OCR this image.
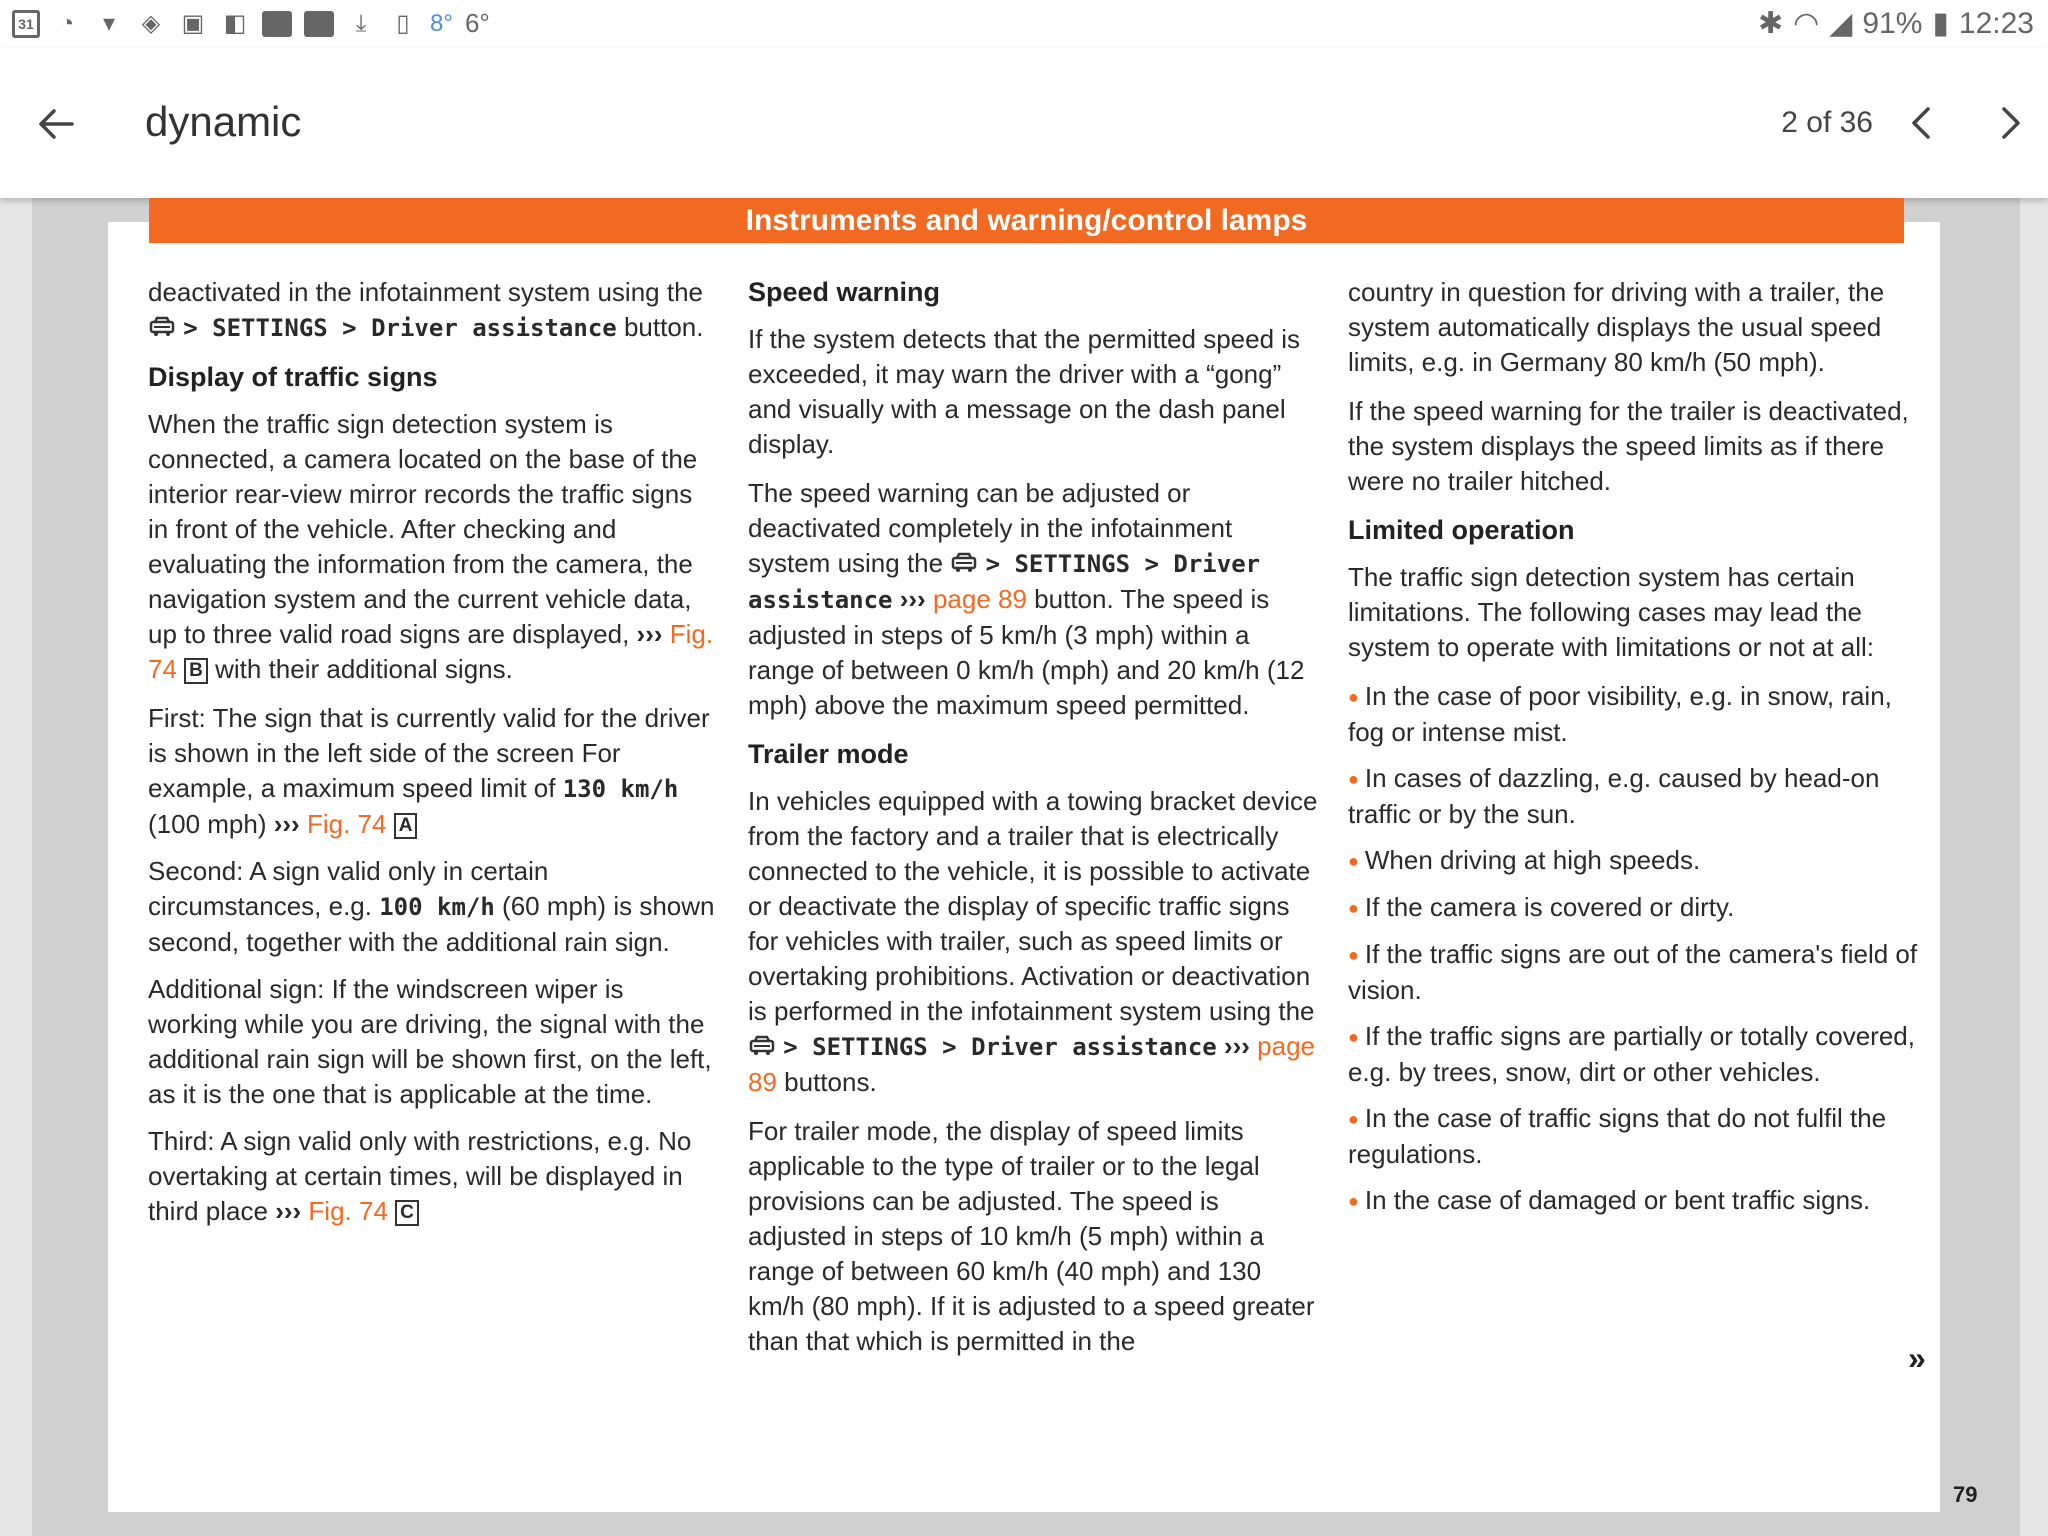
31	◔	▾	◈ ▣ ◧	⤓	▯ 8° 6°	✱ ◠ ◢ 91% ▮ 12:23
dynamic	2 of 36
Instruments and warning/control lamps

deactivated in the infotainment system using the  > SETTINGS > Driver assistance button.

Display of traffic signs

When the traffic sign detection system is connected, a camera located on the base of the interior rear-view mirror records the traffic signs in front of the vehicle. After checking and evaluating the information from the camera, the navigation system and the current vehicle data, up to three valid road signs are displayed, ››› Fig. 74 B with their additional signs.

First: The sign that is currently valid for the driver is shown in the left side of the screen For example, a maximum speed limit of 130 km/h (100 mph) ››› Fig. 74 A
Second: A sign valid only in certain circumstances, e.g. 100 km/h (60 mph) is shown second, together with the additional rain sign.
Additional sign: If the windscreen wiper is working while you are driving, the signal with the additional rain sign will be shown first, on the left, as it is the one that is applicable at the time.
Third: A sign valid only with restrictions, e.g. No overtaking at certain times, will be displayed in third place ››› Fig. 74 C
Speed warning

If the system detects that the permitted speed is exceeded, it may warn the driver with a “gong” and visually with a message on the dash panel display.

The speed warning can be adjusted or deactivated completely in the infotainment system using the > SETTINGS > Driver assistance ››› page 89 button. The speed is adjusted in steps of 5 km/h (3 mph) within a range of between 0 km/h (mph) and 20 km/h (12 mph) above the maximum speed permitted.

Trailer mode

In vehicles equipped with a towing bracket device from the factory and a trailer that is electrically connected to the vehicle, it is possible to activate or deactivate the display of specific traffic signs for vehicles with trailer, such as speed limits or overtaking prohibitions. Activation or deactivation is performed in the infotainment system using the  > SETTINGS > Driver assistance ››› page 89 buttons.

For trailer mode, the display of speed limits applicable to the type of trailer or to the legal provisions can be adjusted. The speed is adjusted in steps of 10 km/h (5 mph) within a range of between 60 km/h (40 mph) and 130 km/h (80 mph). If it is adjusted to a speed greater than that which is permitted in the

country in question for driving with a trailer, the system automatically displays the usual speed limits, e.g. in Germany 80 km/h (50 mph).

If the speed warning for the trailer is deactivated, the system displays the speed limits as if there were no trailer hitched.

Limited operation

The traffic sign detection system has certain limitations. The following cases may lead the system to operate with limitations or not at all:

● In the case of poor visibility, e.g. in snow, rain, fog or intense mist.
● In cases of dazzling, e.g. caused by head-on traffic or by the sun.
● When driving at high speeds.
● If the camera is covered or dirty.
● If the traffic signs are out of the camera's field of vision.
● If the traffic signs are partially or totally covered, e.g. by trees, snow, dirt or other vehicles.
● In the case of traffic signs that do not fulfil the regulations.
● In the case of damaged or bent traffic signs.
»
79
